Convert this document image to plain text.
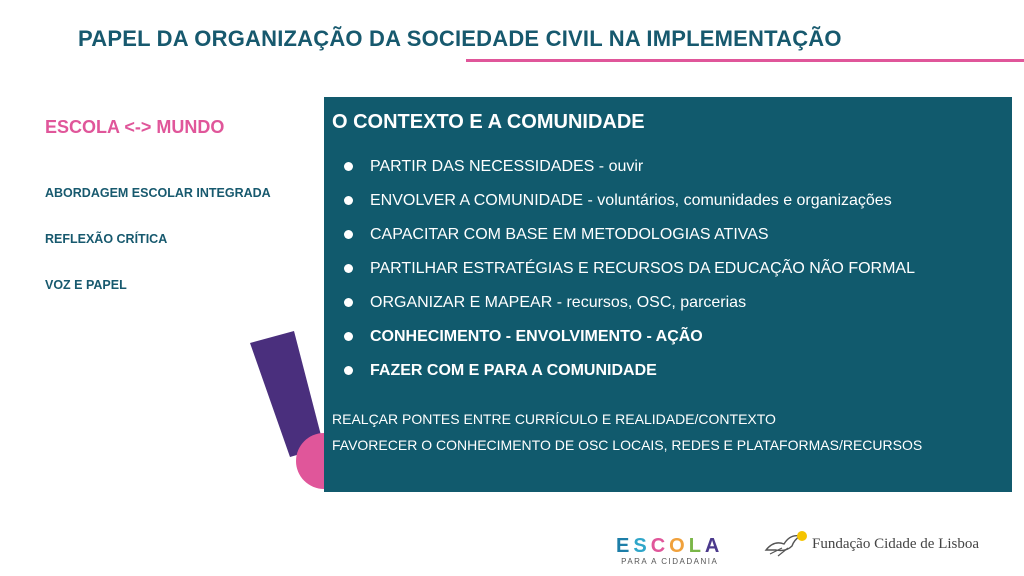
PAPEL DA ORGANIZAÇÃO DA SOCIEDADE CIVIL NA IMPLEMENTAÇÃO
ESCOLA <-> MUNDO
ABORDAGEM ESCOLAR INTEGRADA
REFLEXÃO CRÍTICA
VOZ E PAPEL
O CONTEXTO E A COMUNIDADE
PARTIR DAS NECESSIDADES - ouvir
ENVOLVER A COMUNIDADE - voluntários, comunidades e organizações
CAPACITAR COM BASE EM METODOLOGIAS ATIVAS
PARTILHAR ESTRATÉGIAS E RECURSOS DA EDUCAÇÃO NÃO FORMAL
ORGANIZAR E MAPEAR - recursos, OSC, parcerias
CONHECIMENTO - ENVOLVIMENTO - AÇÃO
FAZER COM E PARA A COMUNIDADE

REALÇAR PONTES ENTRE CURRÍCULO E REALIDADE/CONTEXTO

FAVORECER O CONHECIMENTO DE OSC LOCAIS, REDES E PLATAFORMAS/RECURSOS

ESCOLA
PARA A CIDADANIA
Fundação Cidade de Lisboa
